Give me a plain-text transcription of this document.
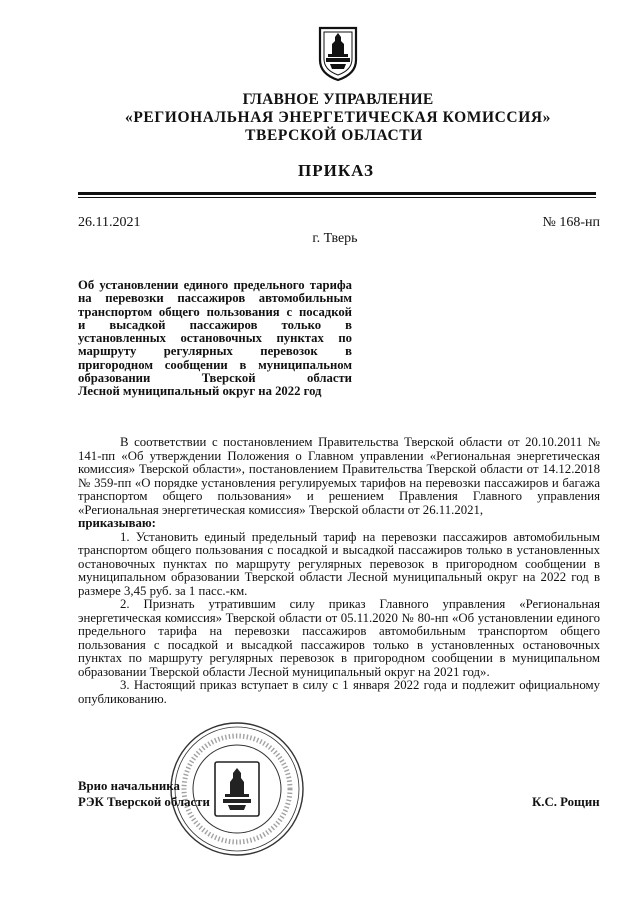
ГЛАВНОЕ УПРАВЛЕНИЕ
«РЕГИОНАЛЬНАЯ ЭНЕРГЕТИЧЕСКАЯ КОМИССИЯ»
ТВЕРСКОЙ ОБЛАСТИ
ПРИКАЗ
26.11.2021	№ 168-нп
г. Тверь
Об установлении единого предельного тарифа
на перевозки пассажиров автомобильным
транспортом общего пользования с посадкой
и высадкой пассажиров только в
установленных остановочных пунктах по
маршруту регулярных перевозок в
пригородном сообщении в муниципальном
образовании Тверской области
Лесной муниципальный округ на 2022 год

В соответствии с постановлением Правительства Тверской области от 20.10.2011 № 141-пп «Об утверждении Положения о Главном управлении «Региональная энергетическая комиссия» Тверской области», постановлением Правительства Тверской области от 14.12.2018 № 359-пп «О порядке установления регулируемых тарифов на перевозки пассажиров и багажа транспортом общего пользования» и решением Правления Главного управления «Региональная энергетическая комиссия» Тверской области от 26.11.2021,

приказываю:

1. Установить единый предельный тариф на перевозки пассажиров автомобильным транспортом общего пользования с посадкой и высадкой пассажиров только в установленных остановочных пунктах по маршруту регулярных перевозок в пригородном сообщении в муниципальном образовании Тверской области Лесной муниципальный округ на 2022 год в размере 3,45 руб. за 1 пасс.-км.

2. Признать утратившим силу приказ Главного управления «Региональная энергетическая комиссия» Тверской области от 05.11.2020 № 80-нп «Об установлении единого предельного тарифа на перевозки пассажиров автомобильным транспортом общего пользования с посадкой и высадкой пассажиров только в установленных остановочных пунктах по маршруту регулярных перевозок в пригородном сообщении в муниципальном образовании Тверской области Лесной муниципальный округ на 2021 год».

3. Настоящий приказ вступает в силу с 1 января 2022 года и подлежит официальному опубликованию.

Врио начальника
РЭК Тверской области	К.С. Рощин
